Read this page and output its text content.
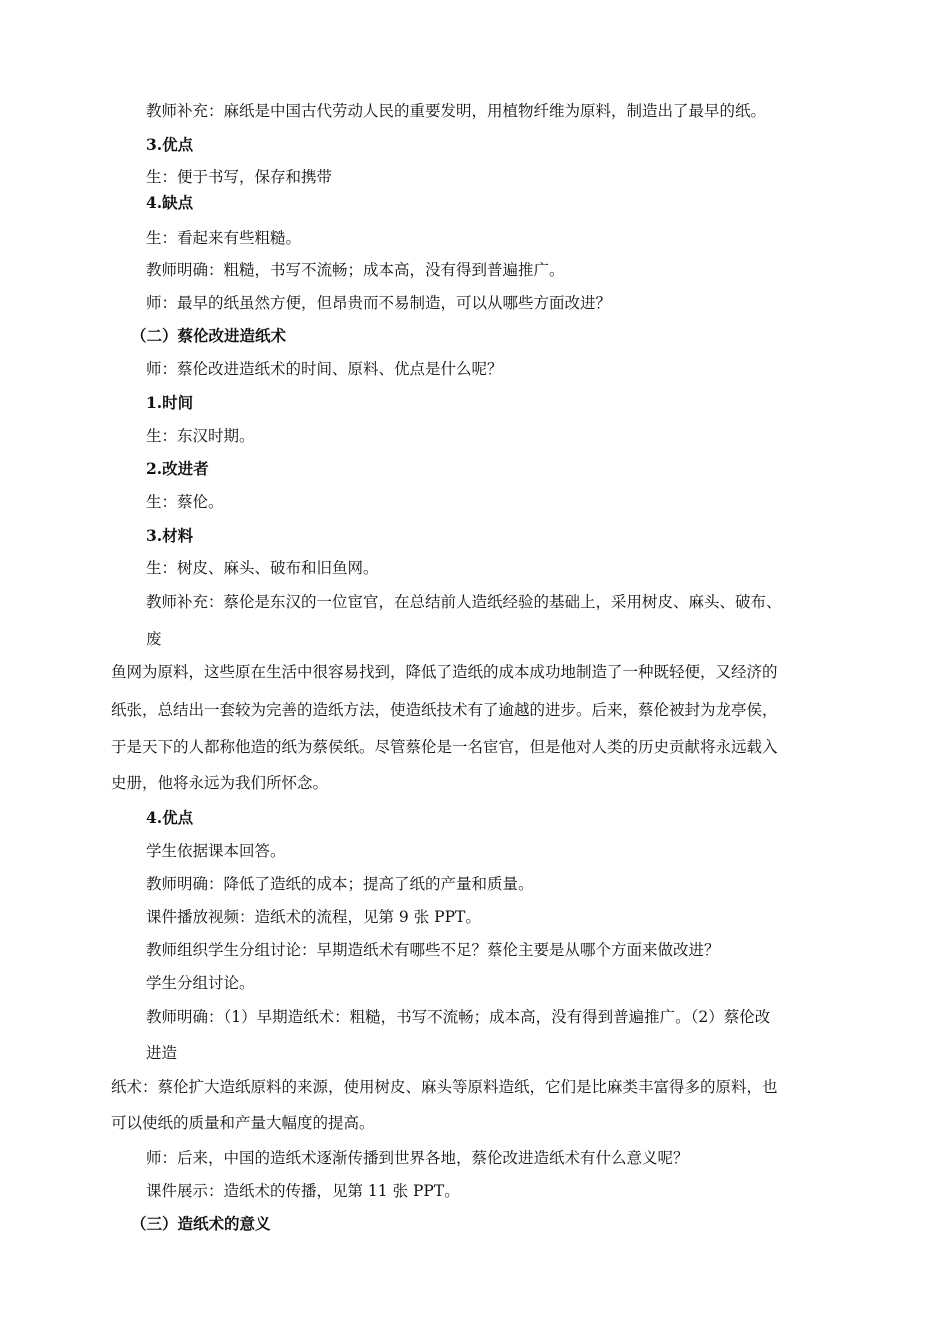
教师补充：麻纸是中国古代劳动人民的重要发明，用植物纤维为原料，制造出了最早的纸。
3.优点
生：便于书写，保存和携带
4.缺点
生：看起来有些粗糙。
教师明确：粗糙，书写不流畅；成本高，没有得到普遍推广。
师：最早的纸虽然方便，但昂贵而不易制造，可以从哪些方面改进？
（二）蔡伦改进造纸术
师：蔡伦改进造纸术的时间、原料、优点是什么呢？
1.时间
生：东汉时期。
2.改进者
生：蔡伦。
3.材料
生：树皮、麻头、破布和旧鱼网。
教师补充：蔡伦是东汉的一位宦官，在总结前人造纸经验的基础上，采用树皮、麻头、破布、
废
鱼网为原料，这些原在生活中很容易找到，降低了造纸的成本成功地制造了一种既轻便，又经济的
纸张，总结出一套较为完善的造纸方法，使造纸技术有了逾越的进步。后来，蔡伦被封为龙亭侯，
于是天下的人都称他造的纸为蔡侯纸。尽管蔡伦是一名宦官，但是他对人类的历史贡献将永远载入
史册，他将永远为我们所怀念。
4.优点
学生依据课本回答。
教师明确：降低了造纸的成本；提高了纸的产量和质量。
课件播放视频：造纸术的流程，见第 9 张 PPT。
教师组织学生分组讨论：早期造纸术有哪些不足？蔡伦主要是从哪个方面来做改进？
学生分组讨论。
教师明确：（1）早期造纸术：粗糙，书写不流畅；成本高，没有得到普遍推广。（2）蔡伦改
进造
纸术：蔡伦扩大造纸原料的来源，使用树皮、麻头等原料造纸，它们是比麻类丰富得多的原料，也
可以使纸的质量和产量大幅度的提高。
师：后来，中国的造纸术逐渐传播到世界各地，蔡伦改进造纸术有什么意义呢？
课件展示：造纸术的传播，见第 11 张 PPT。
（三）造纸术的意义
